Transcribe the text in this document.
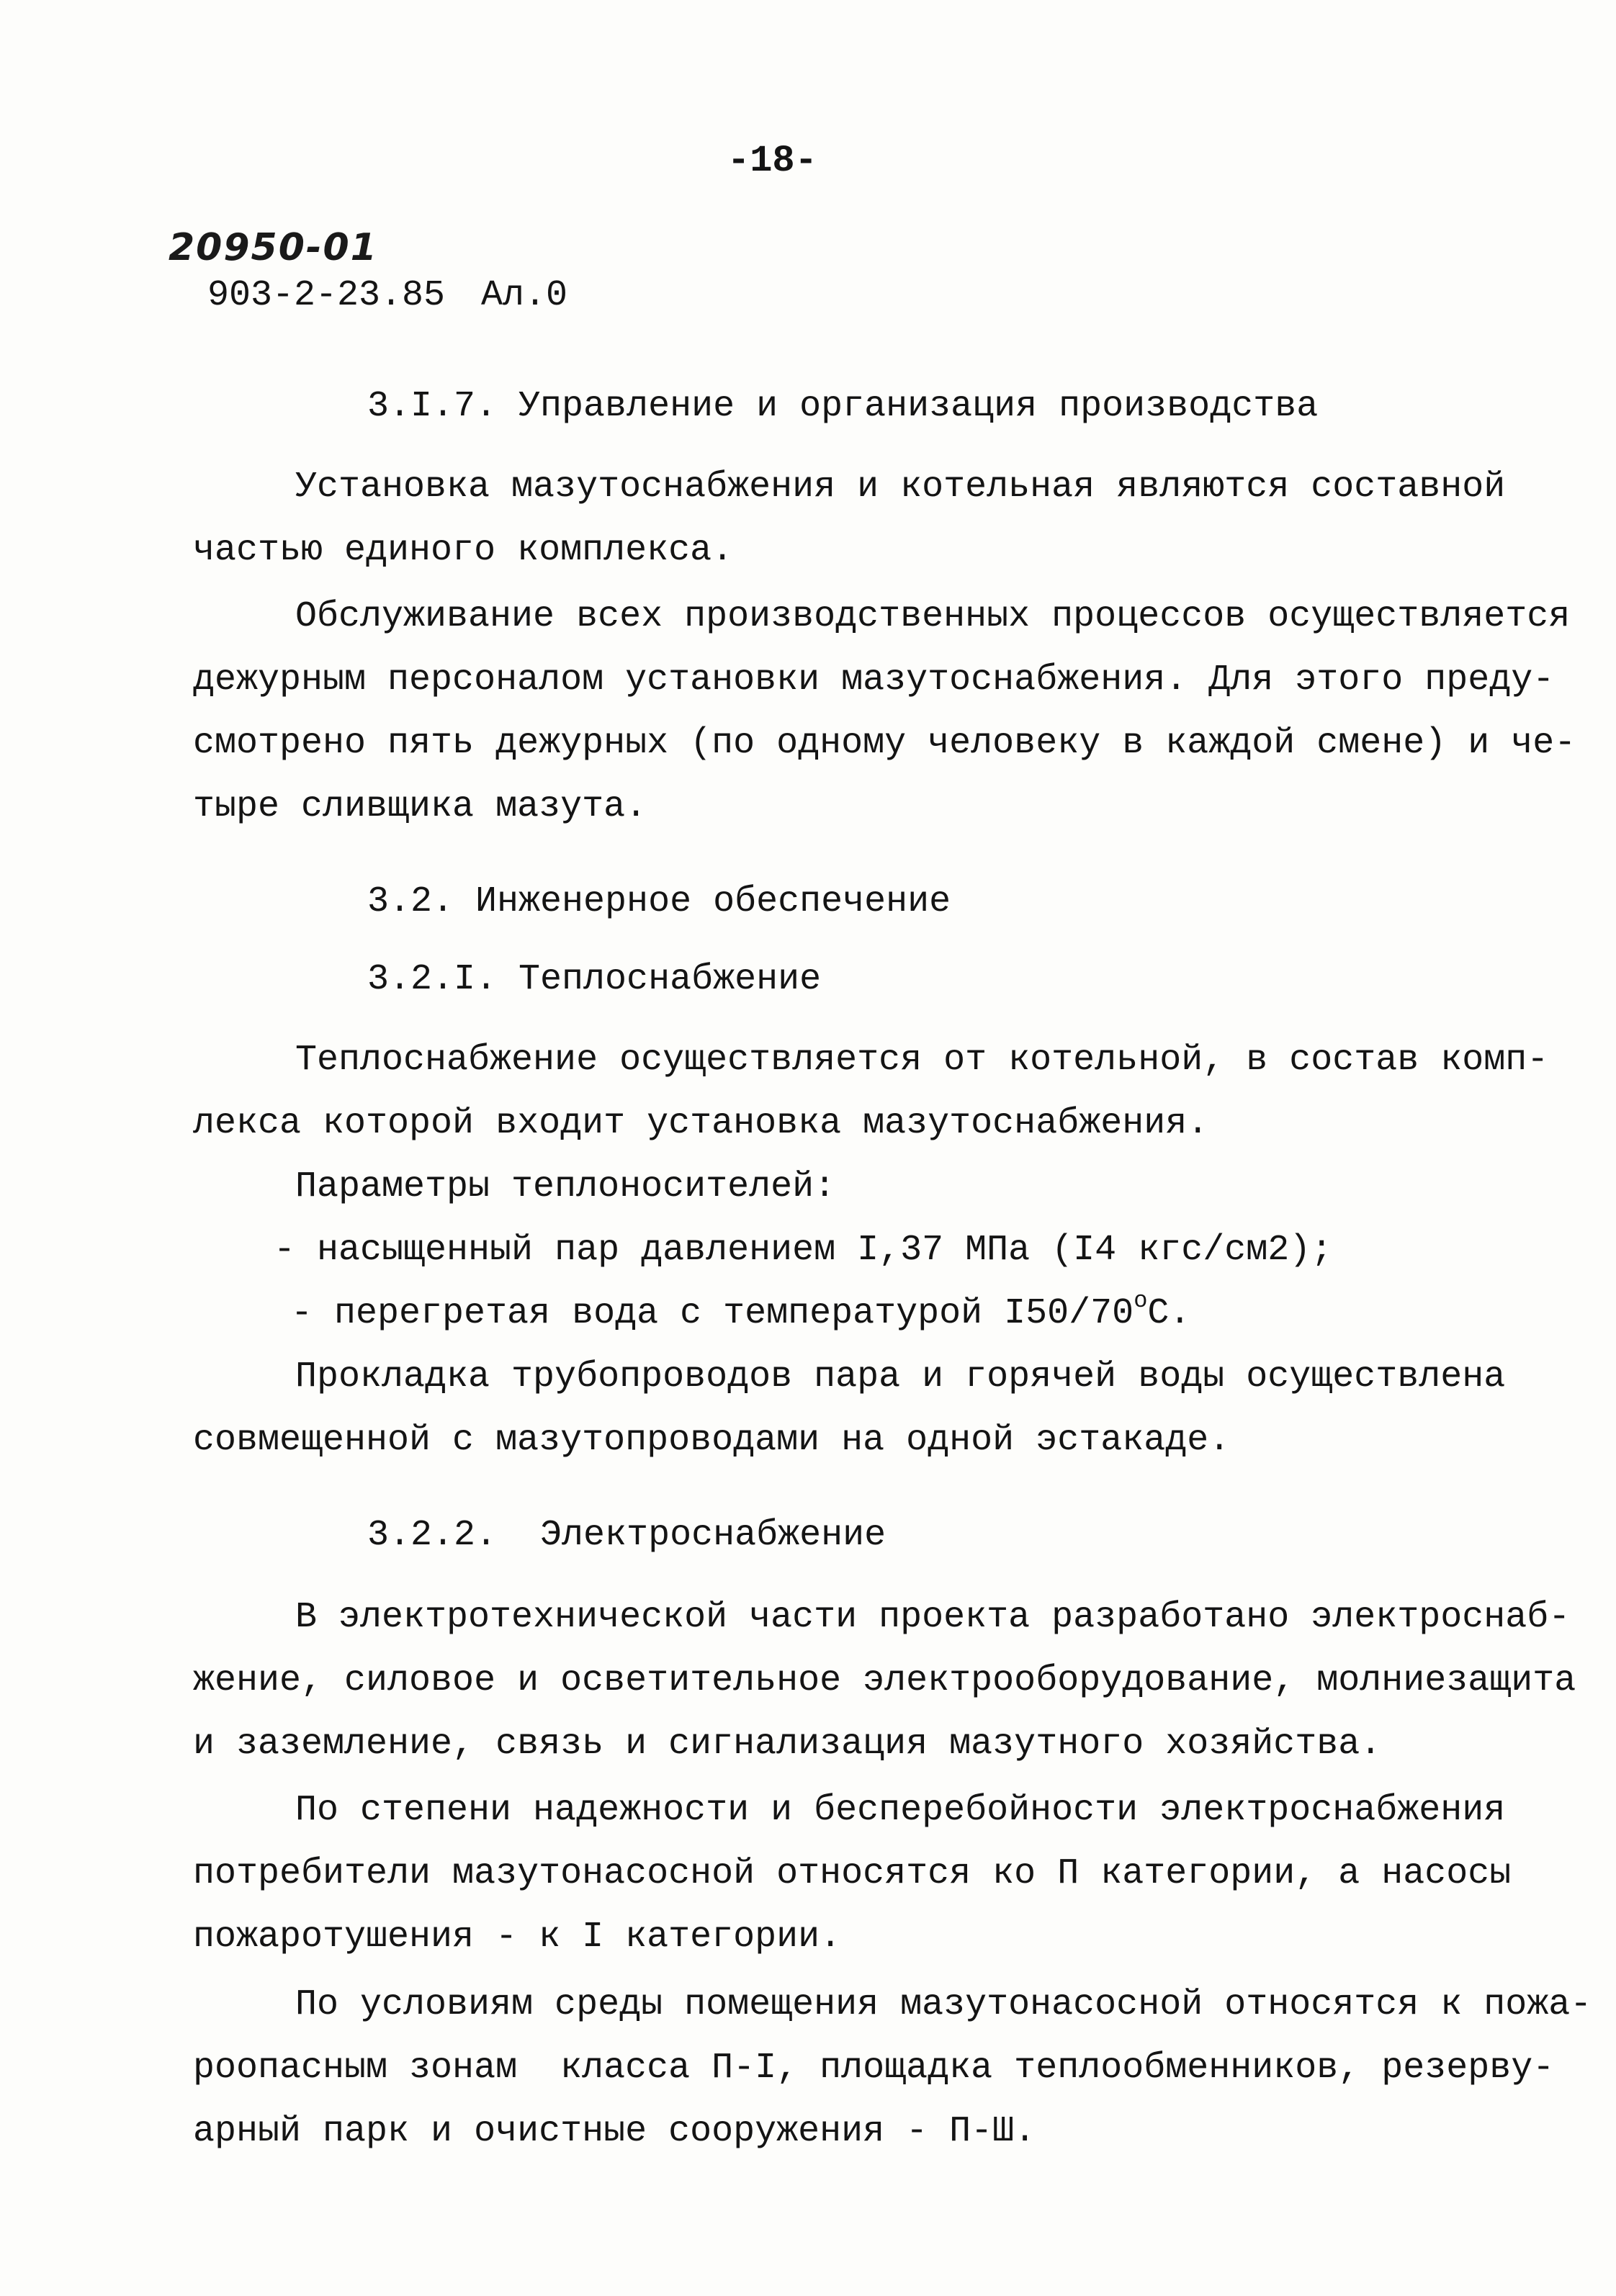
-18-
20950-01
903-2-23.85 Ал.0
3.I.7. Управление и организация производства
Установка мазутоснабжения и котельная являются составной
частью единого комплекса.
Обслуживание всех производственных процессов осуществляется
дежурным персоналом установки мазутоснабжения. Для этого преду-
смотрено пять дежурных (по одному человеку в каждой смене) и че-
тыре сливщика мазута.
3.2. Инженерное обеспечение
3.2.I. Теплоснабжение
Теплоснабжение осуществляется от котельной, в состав комп-
лекса которой входит установка мазутоснабжения.
Параметры теплоносителей:
- насыщенный пар давлением I,37 МПа (I4 кгс/см2);
- перегретая вода с температурой $I50/70^оС$.
Прокладка трубопроводов пара и горячей воды осуществлена
совмещенной с мазутопроводами на одной эстакаде.
3.2.2.  Электроснабжение
В электротехнической части проекта разработано электроснаб-
жение, силовое и осветительное электрооборудование, молниезащита
и заземление, связь и сигнализация мазутного хозяйства.
По степени надежности и бесперебойности электроснабжения
потребители мазутонасосной относятся ко П категории, а насосы
пожаротушения - к I категории.
По условиям среды помещения мазутонасосной относятся к пожа-
роопасным зонам  класса П-I, площадка теплообменников, резерву-
арный парк и очистные сооружения - П-Ш.
